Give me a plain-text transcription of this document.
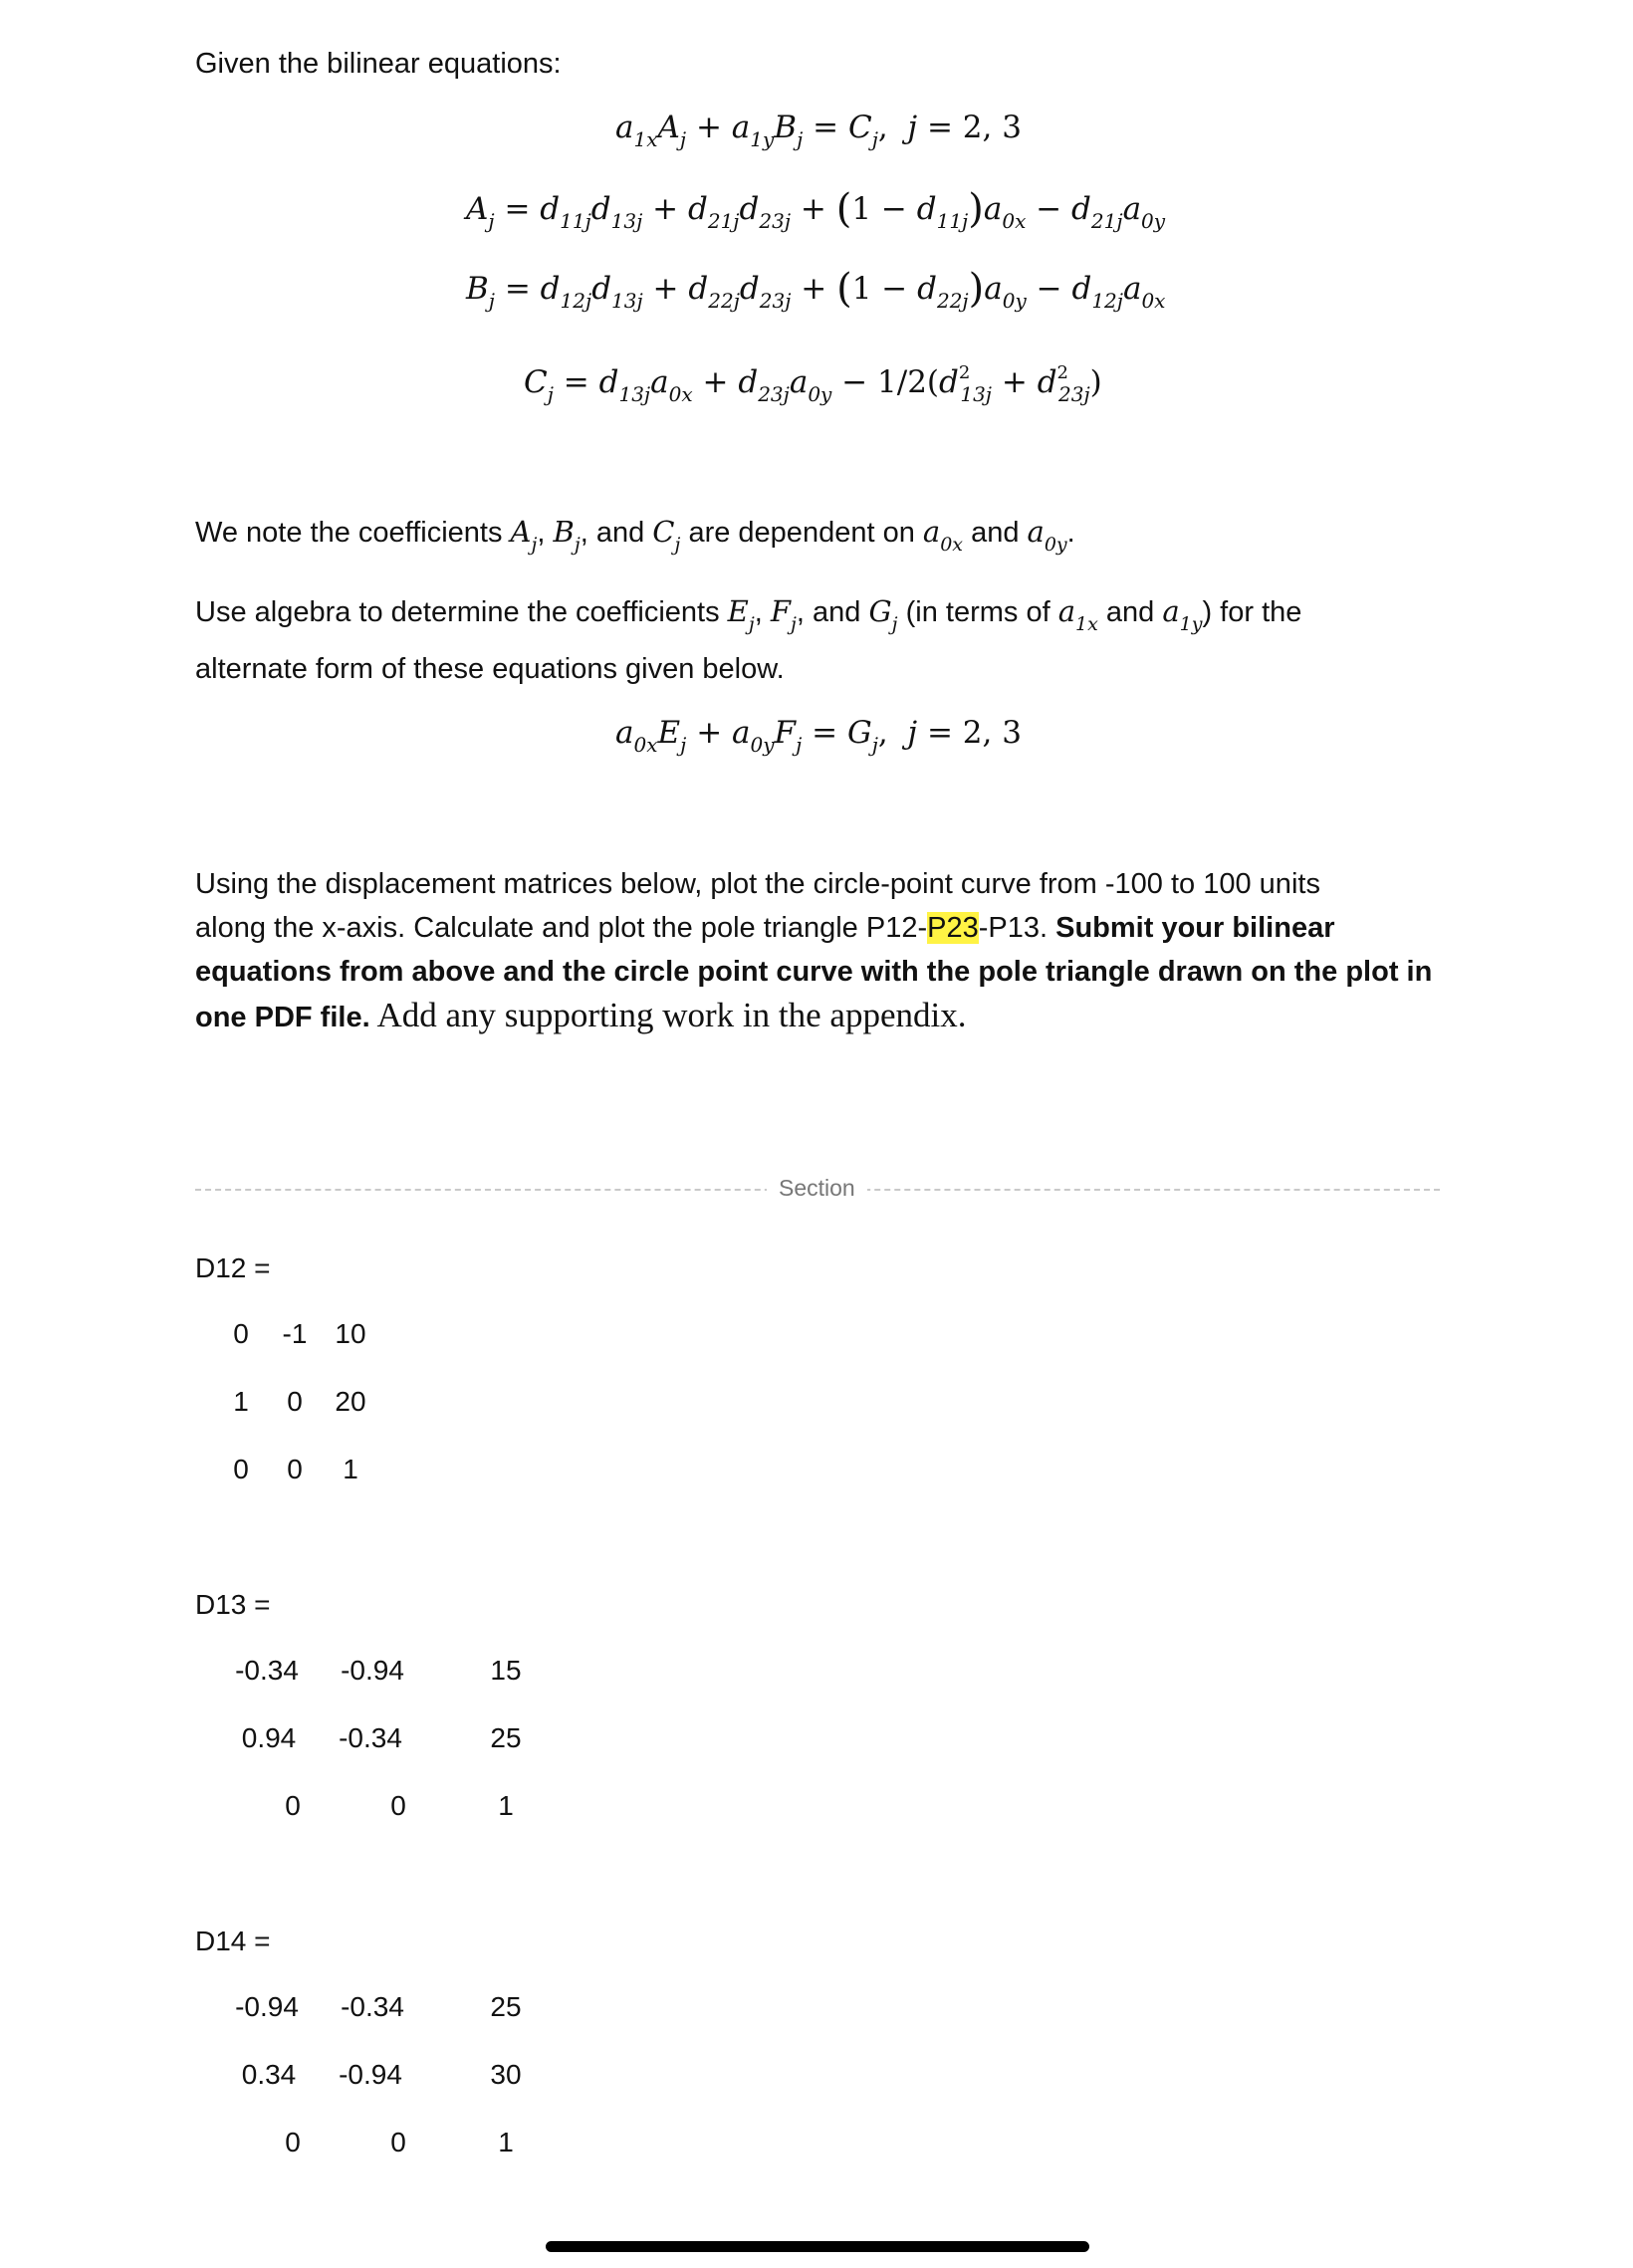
Given the bilinear equations:
$a_{1x}A_j + a_{1y}B_j = C_j$,  j = 2, 3
$A_j = d_{11j}d_{13j} + d_{21j}d_{23j} + (1 - d_{11j})a_{0x} - d_{21j}a_{0y}$
$B_j = d_{12j}d_{13j} + d_{22j}d_{23j} + (1 - d_{22j})a_{0y} - d_{12j}a_{0x}$
$C_j = d_{13j}a_{0x} + d_{23j}a_{0y} - 1/2(d^2_{13j} + d^2_{23j})$
We note the coefficients $A_j$, $B_j$, and $C_j$ are dependent on $a_{0x}$ and $a_{0y}$.
Use algebra to determine the coefficients $E_j$, $F_j$, and $G_j$ (in terms of $a_{1x}$ and $a_{1y}$) for the
alternate form of these equations given below.
$a_{0x}E_j + a_{0y}F_j = G_j$,  j = 2, 3
Using the displacement matrices below, plot the circle-point curve from -100 to 100 units
along the x-axis. Calculate and plot the pole triangle P12-P23-P13. Submit your bilinear
equations from above and the circle point curve with the pole triangle drawn on the plot in
one PDF file. Add any supporting work in the appendix.
Section
D12 =
0	-1 10
1	0	20
0	0	1
D13 =
-0.34	-0.94	15
0.94	-0.34	25
0	0	1
D14 =
-0.94	-0.34	25
0.34	-0.94	30
0	0	1
